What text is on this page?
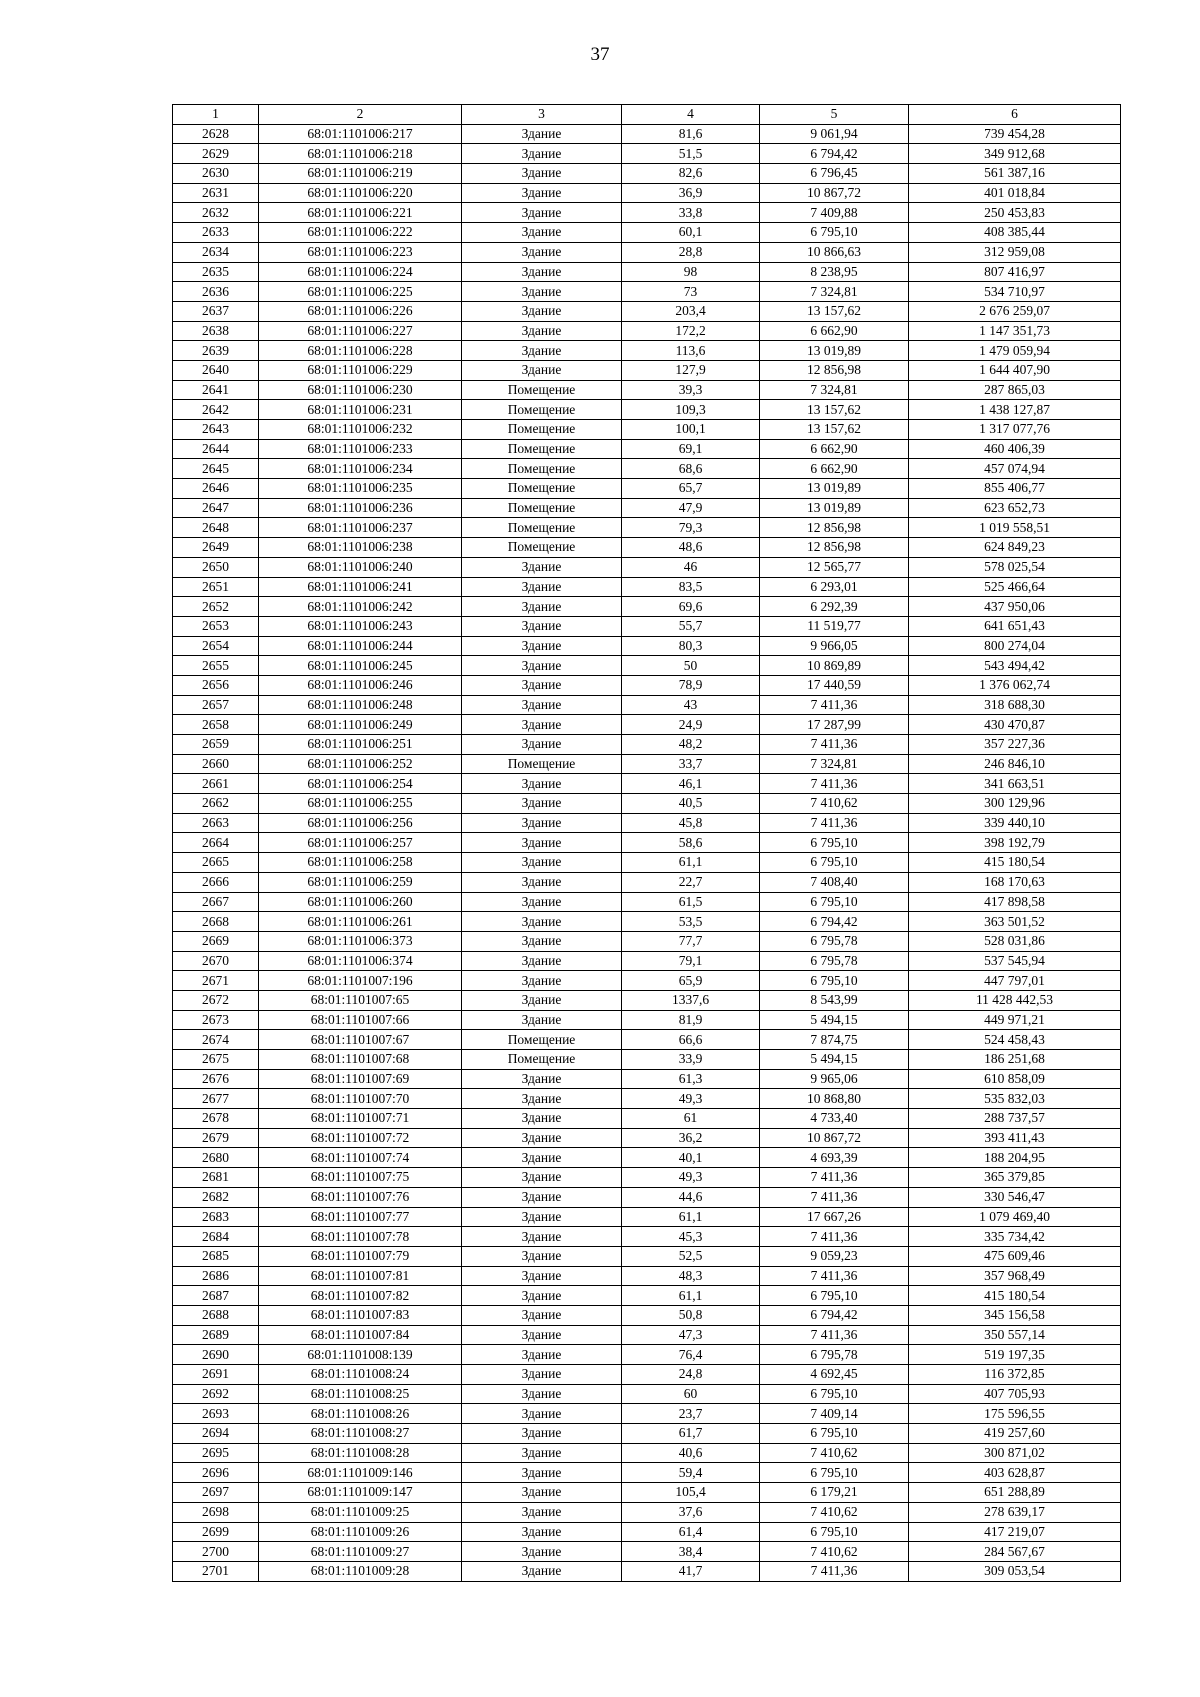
37
1	2	3	4	5	6
2628	68:01:1101006:217	Здание	81,6	9 061,94	739 454,28
2629	68:01:1101006:218	Здание	51,5	6 794,42	349 912,68
2630	68:01:1101006:219	Здание	82,6	6 796,45	561 387,16
2631	68:01:1101006:220	Здание	36,9	10 867,72	401 018,84
2632	68:01:1101006:221	Здание	33,8	7 409,88	250 453,83
2633	68:01:1101006:222	Здание	60,1	6 795,10	408 385,44
2634	68:01:1101006:223	Здание	28,8	10 866,63	312 959,08
2635	68:01:1101006:224	Здание	98	8 238,95	807 416,97
2636	68:01:1101006:225	Здание	73	7 324,81	534 710,97
2637	68:01:1101006:226	Здание	203,4	13 157,62	2 676 259,07
2638	68:01:1101006:227	Здание	172,2	6 662,90	1 147 351,73
2639	68:01:1101006:228	Здание	113,6	13 019,89	1 479 059,94
2640	68:01:1101006:229	Здание	127,9	12 856,98	1 644 407,90
2641	68:01:1101006:230	Помещение	39,3	7 324,81	287 865,03
2642	68:01:1101006:231	Помещение	109,3	13 157,62	1 438 127,87
2643	68:01:1101006:232	Помещение	100,1	13 157,62	1 317 077,76
2644	68:01:1101006:233	Помещение	69,1	6 662,90	460 406,39
2645	68:01:1101006:234	Помещение	68,6	6 662,90	457 074,94
2646	68:01:1101006:235	Помещение	65,7	13 019,89	855 406,77
2647	68:01:1101006:236	Помещение	47,9	13 019,89	623 652,73
2648	68:01:1101006:237	Помещение	79,3	12 856,98	1 019 558,51
2649	68:01:1101006:238	Помещение	48,6	12 856,98	624 849,23
2650	68:01:1101006:240	Здание	46	12 565,77	578 025,54
2651	68:01:1101006:241	Здание	83,5	6 293,01	525 466,64
2652	68:01:1101006:242	Здание	69,6	6 292,39	437 950,06
2653	68:01:1101006:243	Здание	55,7	11 519,77	641 651,43
2654	68:01:1101006:244	Здание	80,3	9 966,05	800 274,04
2655	68:01:1101006:245	Здание	50	10 869,89	543 494,42
2656	68:01:1101006:246	Здание	78,9	17 440,59	1 376 062,74
2657	68:01:1101006:248	Здание	43	7 411,36	318 688,30
2658	68:01:1101006:249	Здание	24,9	17 287,99	430 470,87
2659	68:01:1101006:251	Здание	48,2	7 411,36	357 227,36
2660	68:01:1101006:252	Помещение	33,7	7 324,81	246 846,10
2661	68:01:1101006:254	Здание	46,1	7 411,36	341 663,51
2662	68:01:1101006:255	Здание	40,5	7 410,62	300 129,96
2663	68:01:1101006:256	Здание	45,8	7 411,36	339 440,10
2664	68:01:1101006:257	Здание	58,6	6 795,10	398 192,79
2665	68:01:1101006:258	Здание	61,1	6 795,10	415 180,54
2666	68:01:1101006:259	Здание	22,7	7 408,40	168 170,63
2667	68:01:1101006:260	Здание	61,5	6 795,10	417 898,58
2668	68:01:1101006:261	Здание	53,5	6 794,42	363 501,52
2669	68:01:1101006:373	Здание	77,7	6 795,78	528 031,86
2670	68:01:1101006:374	Здание	79,1	6 795,78	537 545,94
2671	68:01:1101007:196	Здание	65,9	6 795,10	447 797,01
2672	68:01:1101007:65	Здание	1337,6	8 543,99	11 428 442,53
2673	68:01:1101007:66	Здание	81,9	5 494,15	449 971,21
2674	68:01:1101007:67	Помещение	66,6	7 874,75	524 458,43
2675	68:01:1101007:68	Помещение	33,9	5 494,15	186 251,68
2676	68:01:1101007:69	Здание	61,3	9 965,06	610 858,09
2677	68:01:1101007:70	Здание	49,3	10 868,80	535 832,03
2678	68:01:1101007:71	Здание	61	4 733,40	288 737,57
2679	68:01:1101007:72	Здание	36,2	10 867,72	393 411,43
2680	68:01:1101007:74	Здание	40,1	4 693,39	188 204,95
2681	68:01:1101007:75	Здание	49,3	7 411,36	365 379,85
2682	68:01:1101007:76	Здание	44,6	7 411,36	330 546,47
2683	68:01:1101007:77	Здание	61,1	17 667,26	1 079 469,40
2684	68:01:1101007:78	Здание	45,3	7 411,36	335 734,42
2685	68:01:1101007:79	Здание	52,5	9 059,23	475 609,46
2686	68:01:1101007:81	Здание	48,3	7 411,36	357 968,49
2687	68:01:1101007:82	Здание	61,1	6 795,10	415 180,54
2688	68:01:1101007:83	Здание	50,8	6 794,42	345 156,58
2689	68:01:1101007:84	Здание	47,3	7 411,36	350 557,14
2690	68:01:1101008:139	Здание	76,4	6 795,78	519 197,35
2691	68:01:1101008:24	Здание	24,8	4 692,45	116 372,85
2692	68:01:1101008:25	Здание	60	6 795,10	407 705,93
2693	68:01:1101008:26	Здание	23,7	7 409,14	175 596,55
2694	68:01:1101008:27	Здание	61,7	6 795,10	419 257,60
2695	68:01:1101008:28	Здание	40,6	7 410,62	300 871,02
2696	68:01:1101009:146	Здание	59,4	6 795,10	403 628,87
2697	68:01:1101009:147	Здание	105,4	6 179,21	651 288,89
2698	68:01:1101009:25	Здание	37,6	7 410,62	278 639,17
2699	68:01:1101009:26	Здание	61,4	6 795,10	417 219,07
2700	68:01:1101009:27	Здание	38,4	7 410,62	284 567,67
2701	68:01:1101009:28	Здание	41,7	7 411,36	309 053,54
